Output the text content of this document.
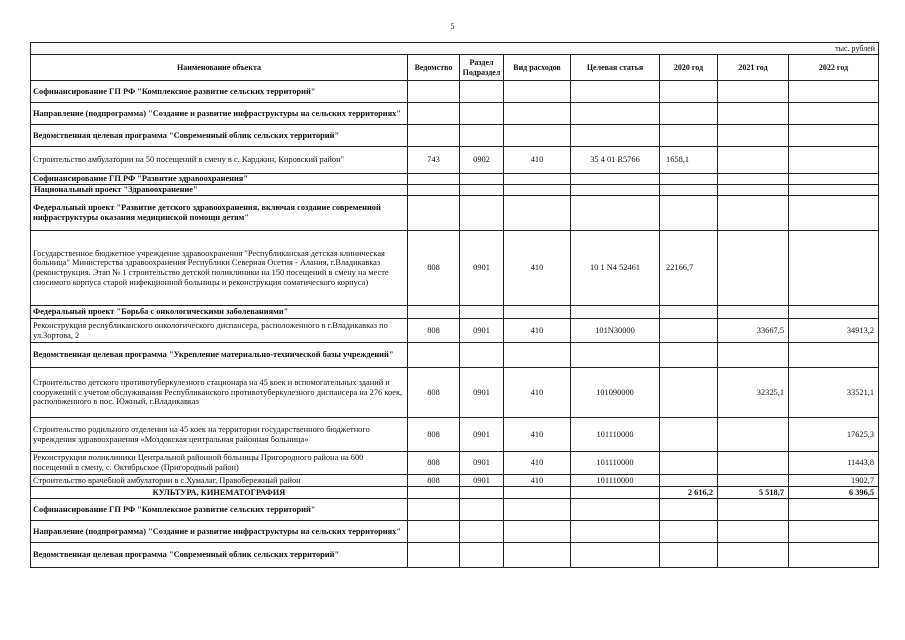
5
тыс. рублей							
Наименование объекта	Ведомство	Раздел Подраздел	Вид расходов	Целевая статья	2020 год	2021 год	2022 год
Софинансирование ГП РФ "Комплексное развитие сельских территорий"							
Направление (подпрограмма) "Создание и развитие инфраструктуры на сельских территориях"							
Ведомственная целевая программа "Современный облик сельских территорий"							
Строительство амбулатории на 50 посещений в смену в с. Карджин, Кировский район"	743	0902	410	35 4 01 R5766	1658,1		
Софинансирование ГП РФ "Развитие здравоохранения"							
Национальный проект "Здравоохранение"							
Федеральный проект "Развитие детского здравоохранения, включая создание современной инфраструктуры оказания медицинской помощи детям"							
Государственное бюджетное учреждение здравоохранения "Республиканская детская клиническая больница" Министерства здравоохранения Республики Северная Осетия - Алания, г.Владикавказ (реконструкция. Этап № 1 строительство детской поликлиники на 150 посещений в смену на месте сносимого корпуса старой инфекционной больницы и реконструкция соматического корпуса)	808	0901	410	10 1 N4 52461	22166,7		
Федеральный проект "Борьба с онкологическими заболеваниями"							
Реконструкция республиканского онкологического диспансера, расположенного в г.Владикавказ по ул.Зортова, 2	808	0901	410	101N30000		33667,5	34913,2
Ведомственная целевая программа "Укрепление материально-технической базы учреждений"							
Строительство детского противотуберкулезного стационара на 45 коек и вспомогательных зданий и сооружений с учетом обслуживания Республиканского противотуберкулезного диспансера на 276 коек, расположенного в пос. Южный, г.Владикавказ	808	0901	410	101090000		32325,1	33521,1
Строительство родильного отделения на 45 коек на территории государственного бюджетного учреждения здравоохранения «Моздокская центральная районная больница»	808	0901	410	101110000			17625,3
Реконструкция поликлиники Центральной районной больницы Пригородного района на 600 посещений в смену, с. Октябрьское (Пригородный район)	808	0901	410	101110000			11443,8
Строительство врачебной амбулатории в с.Хумалаг, Правобережный район	808	0901	410	101110000			1902,7
КУЛЬТУРА, КИНЕМАТОГРАФИЯ					2 616,2	5 518,7	6 396,5
Софинансирование ГП РФ "Комплексное развитие сельских территорий"							
Направление (подпрограмма) "Создание и развитие инфраструктуры на сельских территориях"							
Ведомственная целевая программа "Современный облик сельских территорий"							
